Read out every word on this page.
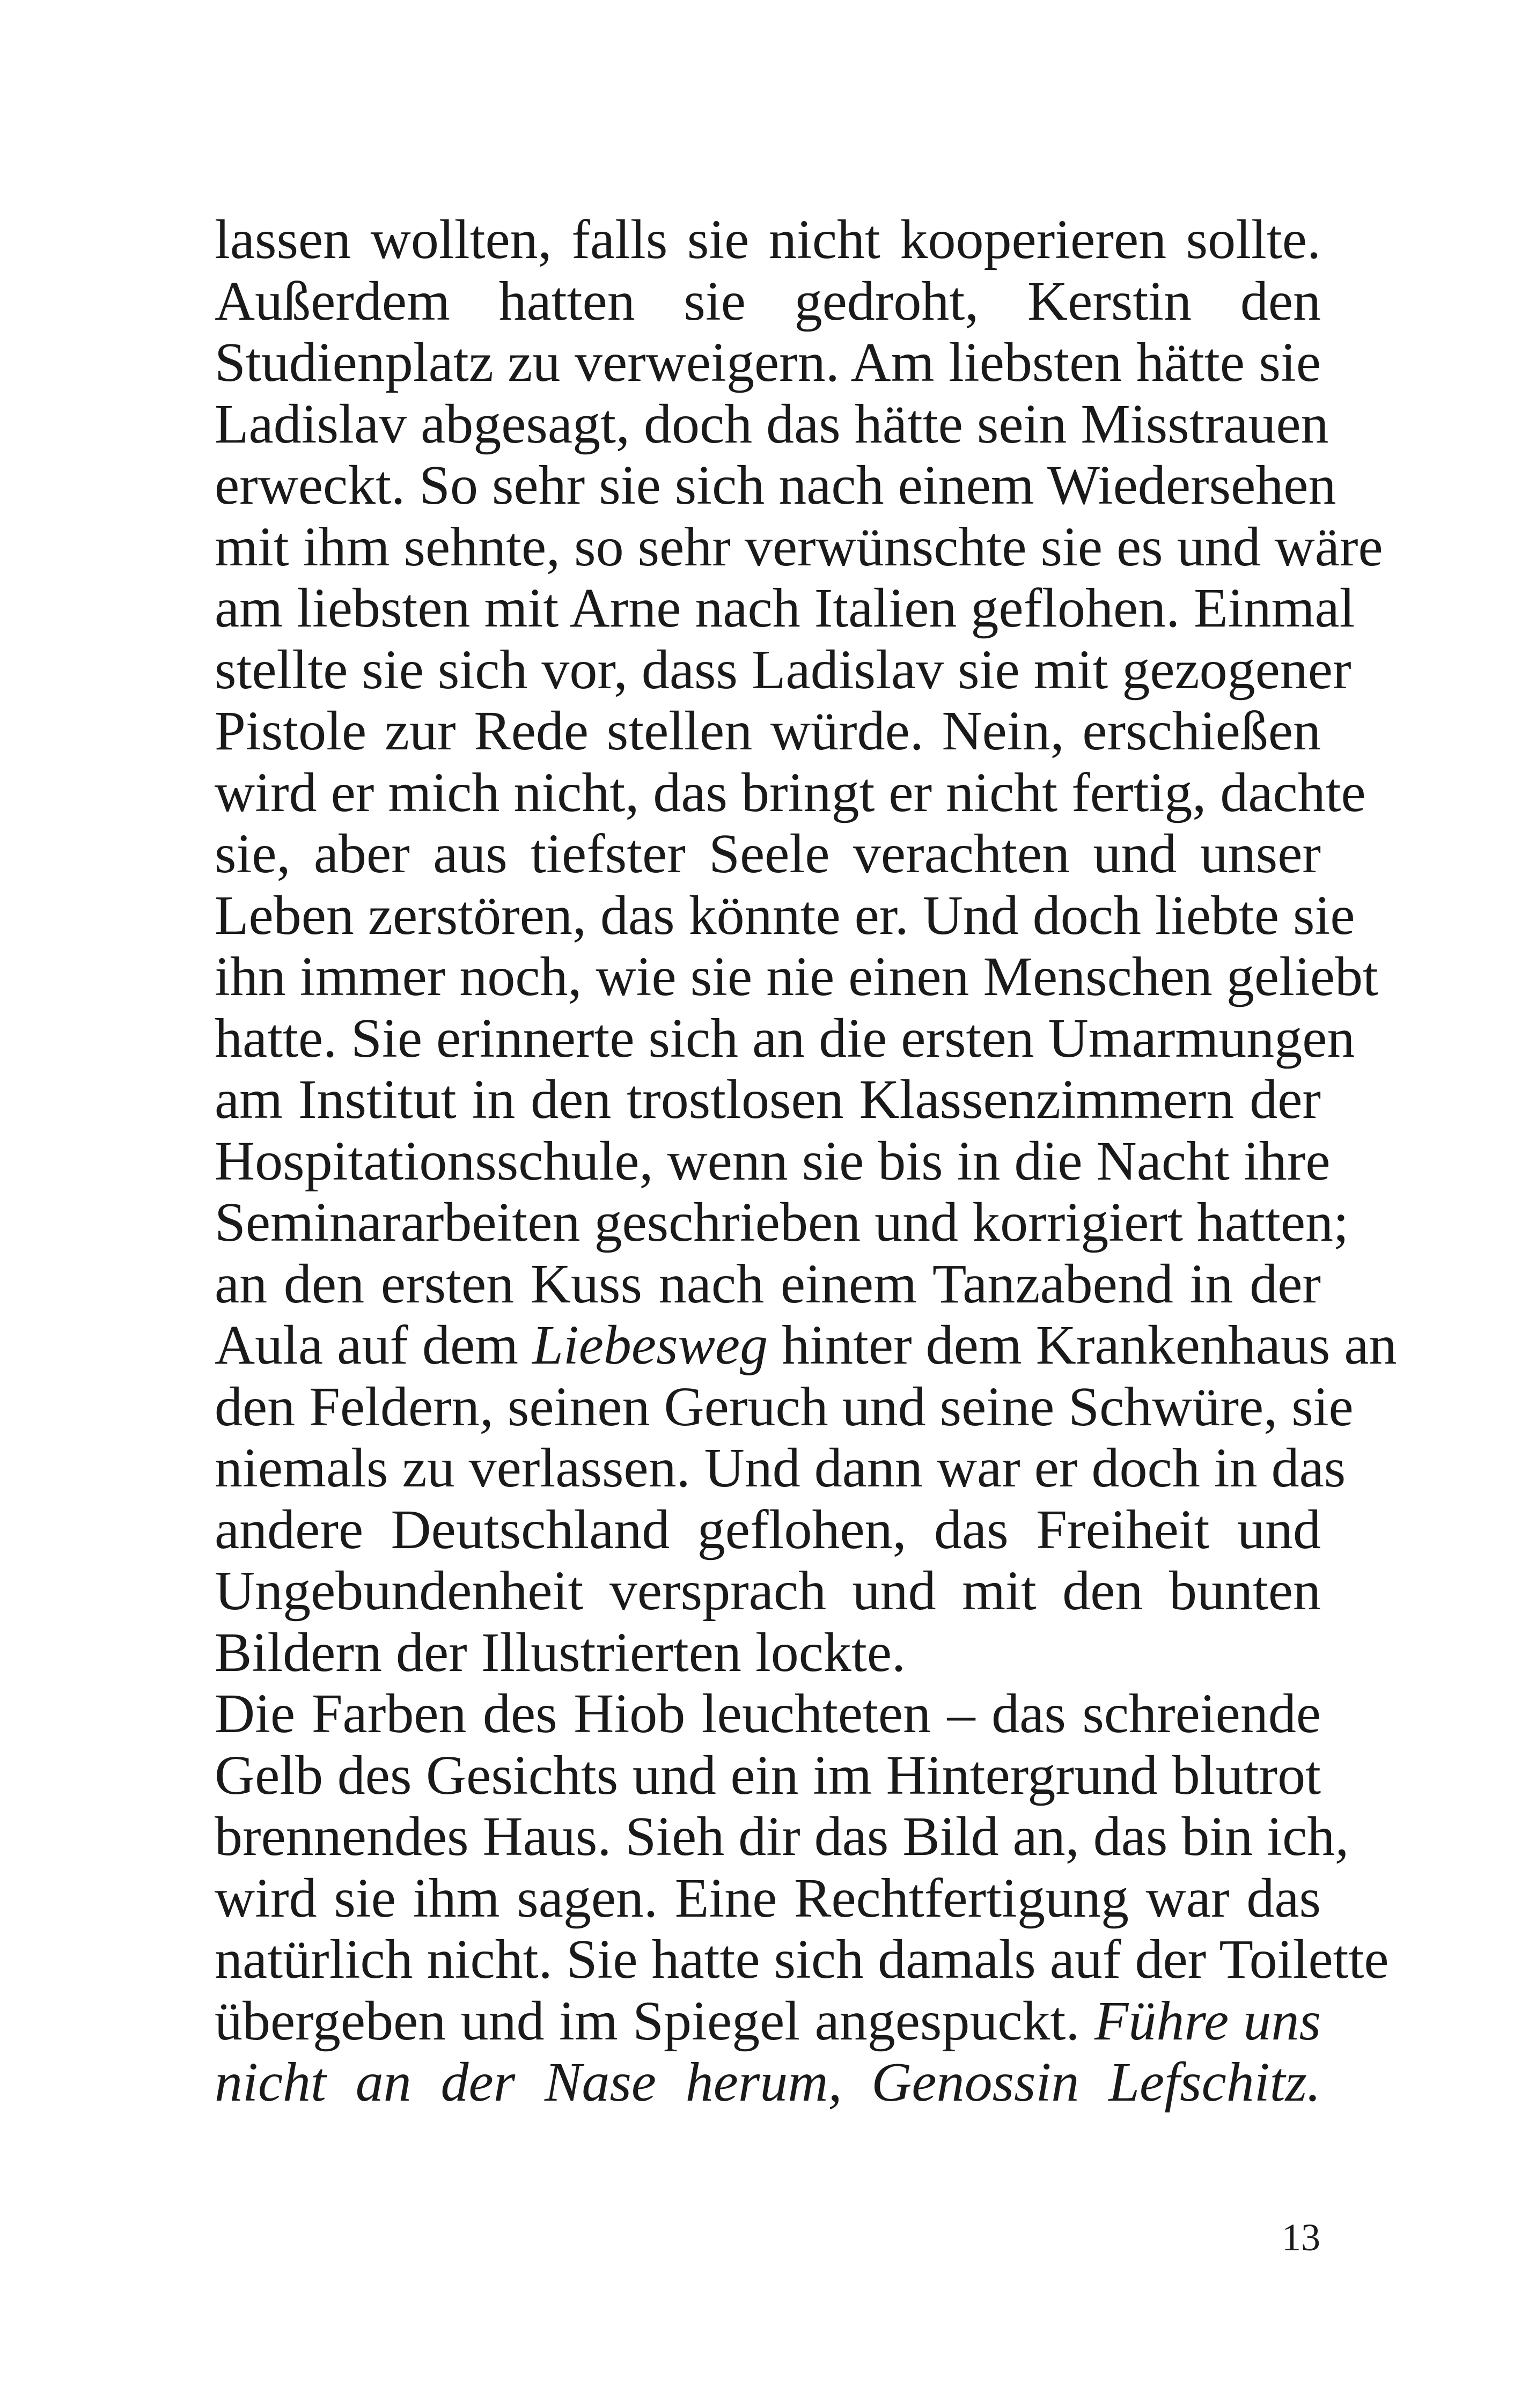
lassen wollten, falls sie nicht kooperieren sollte.
Außerdem hatten sie gedroht, Kerstin den
Studienplatz zu verweigern. Am liebsten hätte sie
Ladislav abgesagt, doch das hätte sein Misstrauen
erweckt. So sehr sie sich nach einem Wiedersehen
mit ihm sehnte, so sehr verwünschte sie es und wäre
am liebsten mit Arne nach Italien geflohen. Einmal
stellte sie sich vor, dass Ladislav sie mit gezogener
Pistole zur Rede stellen würde. Nein, erschießen
wird er mich nicht, das bringt er nicht fertig, dachte
sie, aber aus tiefster Seele verachten und unser
Leben zerstören, das könnte er. Und doch liebte sie
ihn immer noch, wie sie nie einen Menschen geliebt
hatte. Sie erinnerte sich an die ersten Umarmungen
am Institut in den trostlosen Klassenzimmern der
Hospitationsschule, wenn sie bis in die Nacht ihre
Seminararbeiten geschrieben und korrigiert hatten;
an den ersten Kuss nach einem Tanzabend in der
Aula auf dem Liebesweg hinter dem Krankenhaus an
den Feldern, seinen Geruch und seine Schwüre, sie
niemals zu verlassen. Und dann war er doch in das
andere Deutschland geflohen, das Freiheit und
Ungebundenheit versprach und mit den bunten
Bildern der Illustrierten lockte.
Die Farben des Hiob leuchteten – das schreiende
Gelb des Gesichts und ein im Hintergrund blutrot
brennendes Haus. Sieh dir das Bild an, das bin ich,
wird sie ihm sagen. Eine Rechtfertigung war das
natürlich nicht. Sie hatte sich damals auf der Toilette
übergeben und im Spiegel angespuckt. Führe uns
nicht an der Nase herum, Genossin Lefschitz.
13
